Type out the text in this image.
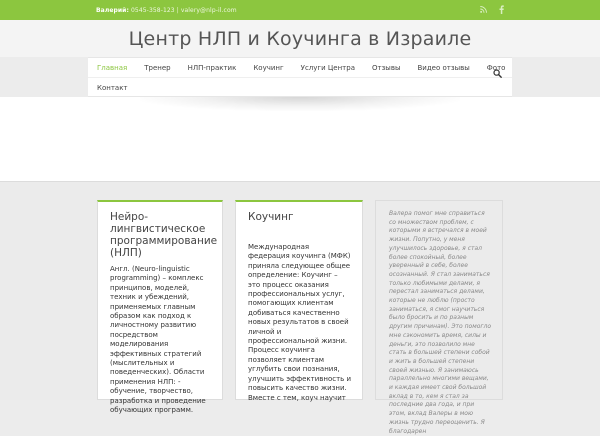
Валерий: 0545-358-123 | valery@nlp-il.com
Центр НЛП и Коучинга в Израиле
Главная Тренер НЛП-практик Коучинг Услуги Центра Отзывы Видео отзывы Фото
Контакт
Нейро-лингвистическое программирование (НЛП)
Англ. (Neuro-linguistic programming) – комплекс принципов, моделей, техник и убеждений, применяемых главным образом как подход к личностному развитию посредством моделирования эффективных стратегий (мыслительных и поведенческих). Области применения НЛП: - обучение, творчество, разработка и проведение обучающих программ.
Коучинг
Международная федерация коучинга (МФК) приняла следующее общее определение: Коучинг – это процесс оказания профессиональных услуг, помогающих клиентам добиваться качественно новых результатов в своей личной и профессиональной жизни. Процесс коучинга позволяет клиентам углубить свои познания, улучшить эффективность и повысить качество жизни. Вместе с тем, коуч научит
Валера помог мне справиться со множеством проблем, с которыми я встречался в моей жизни. Попутно, у меня улучшилось здоровье, я стал более спокойный, более уверенный в себе, более осознанный. Я стал заниматься только любимыми делами, я перестал заниматься делами, которые не люблю (просто заниматься, я смог научиться было бросить и по разным другим причинам). Это помогло мне сэкономить время, силы и деньги, это позволило мне стать в большей степени собой и жить в большей степени своей жизнью. Я занимаюсь параллельно многими вещами, и каждая имеет свой большой вклад в то, кем я стал за последние два года, и при этом, вклад Валеры в мою жизнь трудно переоценить. Я благодарен
